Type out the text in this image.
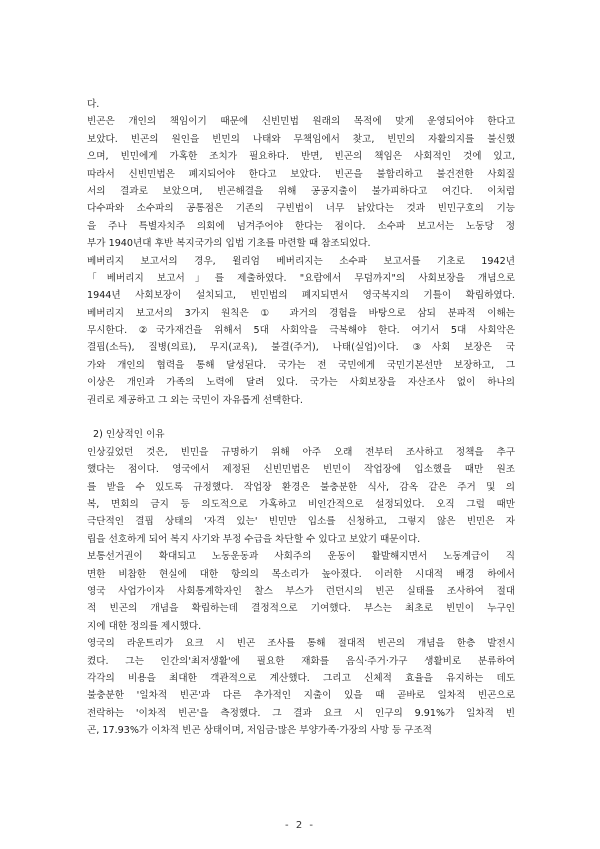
다.
빈곤은 개인의 책임이기 때문에 신빈민법 원래의 목적에 맞게 운영되어야 한다고
보았다. 빈곤의 원인을 빈민의 나태와 무책임에서 찾고, 빈민의 자활의지를 불신했
으며, 빈민에게 가혹한 조치가 필요하다. 반면, 빈곤의 책임은 사회적인 것에 있고,
따라서 신빈민법은 폐지되어야 한다고 보았다. 빈곤을 불합리하고 불건전한 사회질
서의 결과로 보았으며, 빈곤해결을 위해 공공지출이 불가피하다고 여긴다. 이처럼
다수파와 소수파의 공통점은 기존의 구빈법이 너무 낡았다는 것과 빈민구호의 기능
을 주나 특별자치주 의회에 넘겨주어야 한다는 점이다. 소수파 보고서는 노동당 정
부가 1940년대 후반 복지국가의 입법 기초를 마련할 때 참조되었다.
베버리지 보고서의 경우, 윌리엄 베버리지는 소수파 보고서를 기초로 1942년
「베버리지 보고서」를 제출하였다. "요람에서 무덤까지"의 사회보장을 개념으로
1944년 사회보장이 설치되고, 빈민법의 폐지되면서 영국복지의 기틀이 확립하였다.
베버리지 보고서의 3가지 원칙은 ① 과거의 경험을 바탕으로 삼되 분파적 이해는
무시한다. ②국가재건을 위해서 5대 사회악을 극복해야 한다. 여기서 5대 사회악은
결핍(소득), 질병(의료), 무지(교육), 불결(주거), 나태(실업)이다. ③사회 보장은 국
가와 개인의 협력을 통해 달성된다. 국가는 전 국민에게 국민기본선만 보장하고, 그
이상은 개인과 가족의 노력에 달려 있다. 국가는 사회보장을 자산조사 없이 하나의
권리로 제공하고 그 외는 국민이 자유롭게 선택한다.
2) 인상적인 이유
인상깊었던 것은, 빈민을 규명하기 위해 아주 오래 전부터 조사하고 정책을 추구
했다는 점이다. 영국에서 제정된 신빈민법은 빈민이 작업장에 입소했을 때만 원조
를 받을 수 있도록 규정했다. 작업장 환경은 불충분한 식사, 감옥 같은 주거 및 의
복, 면회의 금지 등 의도적으로 가혹하고 비인간적으로 설정되었다. 오직 그럴 때만
극단적인 결핍 상태의 '자격 있는' 빈민만 입소를 신청하고, 그렇지 않은 빈민은 자
립을 선호하게 되어 복지 사기와 부정 수급을 차단할 수 있다고 보았기 때문이다.
보통선거권이 확대되고 노동운동과 사회주의 운동이 활발해지면서 노동계급이 직
면한 비참한 현실에 대한 항의의 목소리가 높아졌다. 이러한 시대적 배경 하에서
영국 사업가이자 사회통계학자인 찰스 부스가 런던시의 빈곤 실태를 조사하여 절대
적 빈곤의 개념을 확립하는데 결정적으로 기여했다. 부스는 최초로 빈민이 누구인
지에 대한 정의를 제시했다.
영국의 라운트리가 요크 시 빈곤 조사를 통해 절대적 빈곤의 개념을 한층 발전시
켰다. 그는 인간의'최저생활'에 필요한 재화를 음식·주거·가구 생활비로 분류하여
각각의 비용을 최대한 객관적으로 계산했다. 그리고 신체적 효율을 유지하는 데도
불충분한 '일차적 빈곤'과 다른 추가적인 지출이 있을 때 곧바로 일차적 빈곤으로
전락하는 '이차적 빈곤'을 측정했다. 그 결과 요크 시 인구의 9.91%가 일차적 빈
곤, 17.93%가 이차적 빈곤 상태이며, 저임금·많은 부양가족·가장의 사망 등 구조적
- 2 -
